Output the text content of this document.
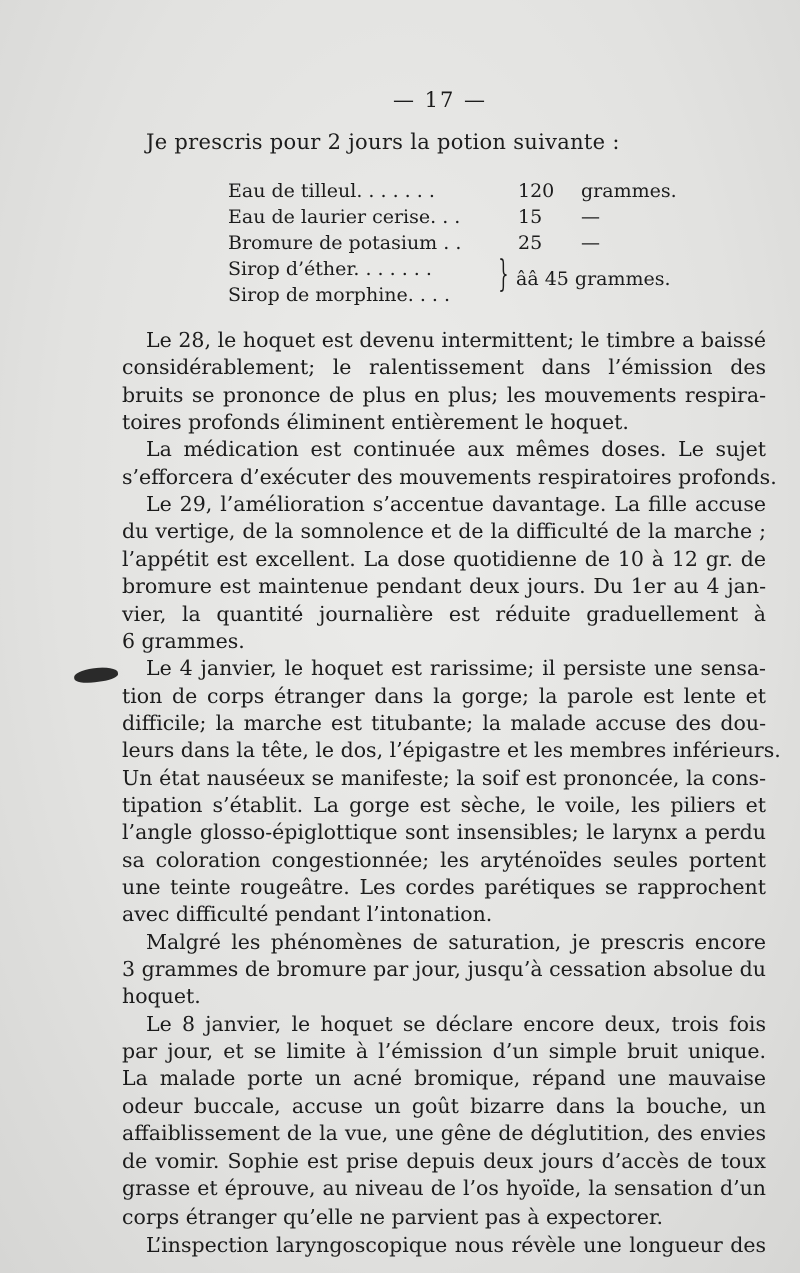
— 17 —
Je prescris pour 2 jours la potion suivante :
Eau de tilleul. . . . . . .	120 grammes.
Eau de laurier cerise. . .	15 —
Bromure de potasium . .	25 —
Sirop d’éther. . . . . . .
Sirop de morphine. . . . } ââ 45 grammes.
Le 28, le hoquet est devenu intermittent; le timbre a baissé
considérablement; le ralentissement dans l’émission des
bruits se prononce de plus en plus; les mouvements respira-
toires profonds éliminent entièrement le hoquet.
La médication est continuée aux mêmes doses. Le sujet
s’efforcera d’exécuter des mouvements respiratoires profonds.
Le 29, l’amélioration s’accentue davantage. La fille accuse
du vertige, de la somnolence et de la difficulté de la marche ;
l’appétit est excellent. La dose quotidienne de 10 à 12 gr. de
bromure est maintenue pendant deux jours. Du 1er au 4 jan-
vier, la quantité journalière est réduite graduellement à
6 grammes.
Le 4 janvier, le hoquet est rarissime; il persiste une sensa-
tion de corps étranger dans la gorge; la parole est lente et
difficile; la marche est titubante; la malade accuse des dou-
leurs dans la tête, le dos, l’épigastre et les membres inférieurs.
Un état nauséeux se manifeste; la soif est prononcée, la cons-
tipation s’établit. La gorge est sèche, le voile, les piliers et
l’angle glosso-épiglottique sont insensibles; le larynx a perdu
sa coloration congestionnée; les aryténoïdes seules portent
une teinte rougeâtre. Les cordes parétiques se rapprochent
avec difficulté pendant l’intonation.
Malgré les phénomènes de saturation, je prescris encore
3 grammes de bromure par jour, jusqu’à cessation absolue du
hoquet.
Le 8 janvier, le hoquet se déclare encore deux, trois fois
par jour, et se limite à l’émission d’un simple bruit unique.
La malade porte un acné bromique, répand une mauvaise
odeur buccale, accuse un goût bizarre dans la bouche, un
affaiblissement de la vue, une gêne de déglutition, des envies
de vomir. Sophie est prise depuis deux jours d’accès de toux
grasse et éprouve, au niveau de l’os hyoïde, la sensation d’un
corps étranger qu’elle ne parvient pas à expectorer.
L’inspection laryngoscopique nous révèle une longueur des
